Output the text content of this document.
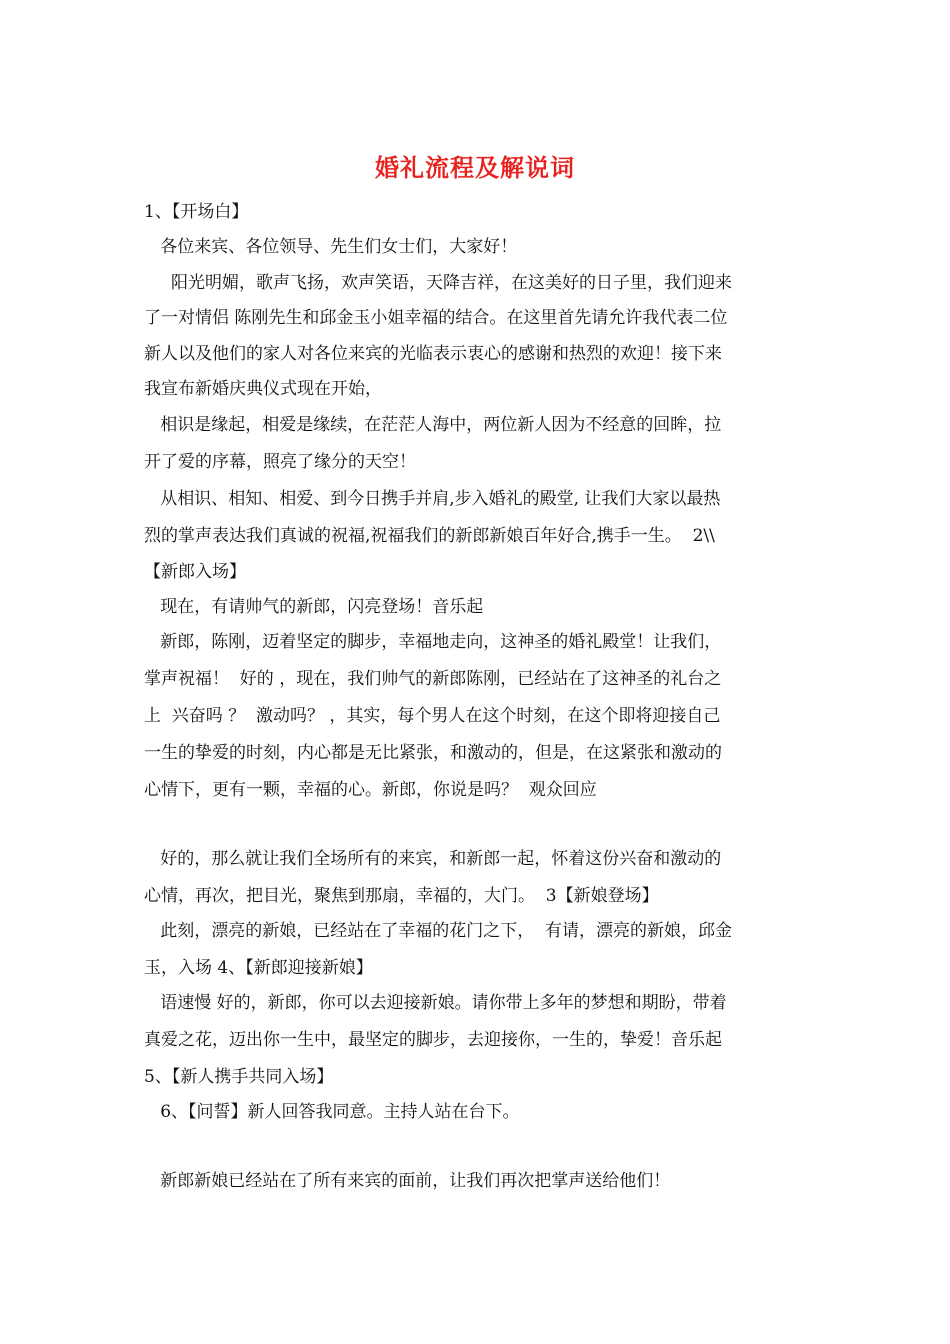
婚礼流程及解说词
1、【开场白】
各位来宾、各位领导、先生们女士们，大家好！
阳光明媚，歌声飞扬，欢声笑语，天降吉祥，在这美好的日子里，我们迎来
了一对情侣 陈刚先生和邱金玉小姐幸福的结合。在这里首先请允许我代表二位
新人以及他们的家人对各位来宾的光临表示衷心的感谢和热烈的欢迎！接下来
我宣布新婚庆典仪式现在开始，
相识是缘起，相爱是缘续，在茫茫人海中，两位新人因为不经意的回眸，拉
开了爱的序幕，照亮了缘分的天空！
从相识、相知、相爱、到今日携手并肩,步入婚礼的殿堂, 让我们大家以最热
烈的掌声表达我们真诚的祝福,祝福我们的新郎新娘百年好合,携手一生。  2\\
【新郎入场】
现在，有请帅气的新郎，闪亮登场！音乐起
新郎，陈刚，迈着坚定的脚步，幸福地走向，这神圣的婚礼殿堂！让我们，
掌声祝福！  好的 ，现在，我们帅气的新郎陈刚，已经站在了这神圣的礼台之
上  兴奋吗 ？  激动吗？ ，其实，每个男人在这个时刻，在这个即将迎接自己
一生的挚爱的时刻，内心都是无比紧张，和激动的，但是，在这紧张和激动的
心情下，更有一颗，幸福的心。新郎，你说是吗？  观众回应
好的，那么就让我们全场所有的来宾，和新郎一起，怀着这份兴奋和激动的
心情，再次，把目光，聚焦到那扇，幸福的，大门。  3【新娘登场】
此刻，漂亮的新娘，已经站在了幸福的花门之下，  有请，漂亮的新娘，邱金
玉，入场 4、【新郎迎接新娘】
语速慢 好的，新郎，你可以去迎接新娘。请你带上多年的梦想和期盼，带着
真爱之花，迈出你一生中，最坚定的脚步，去迎接你，一生的，挚爱！音乐起
5、【新人携手共同入场】
6、【问誓】新人回答我同意。主持人站在台下。
新郎新娘已经站在了所有来宾的面前，让我们再次把掌声送给他们！
